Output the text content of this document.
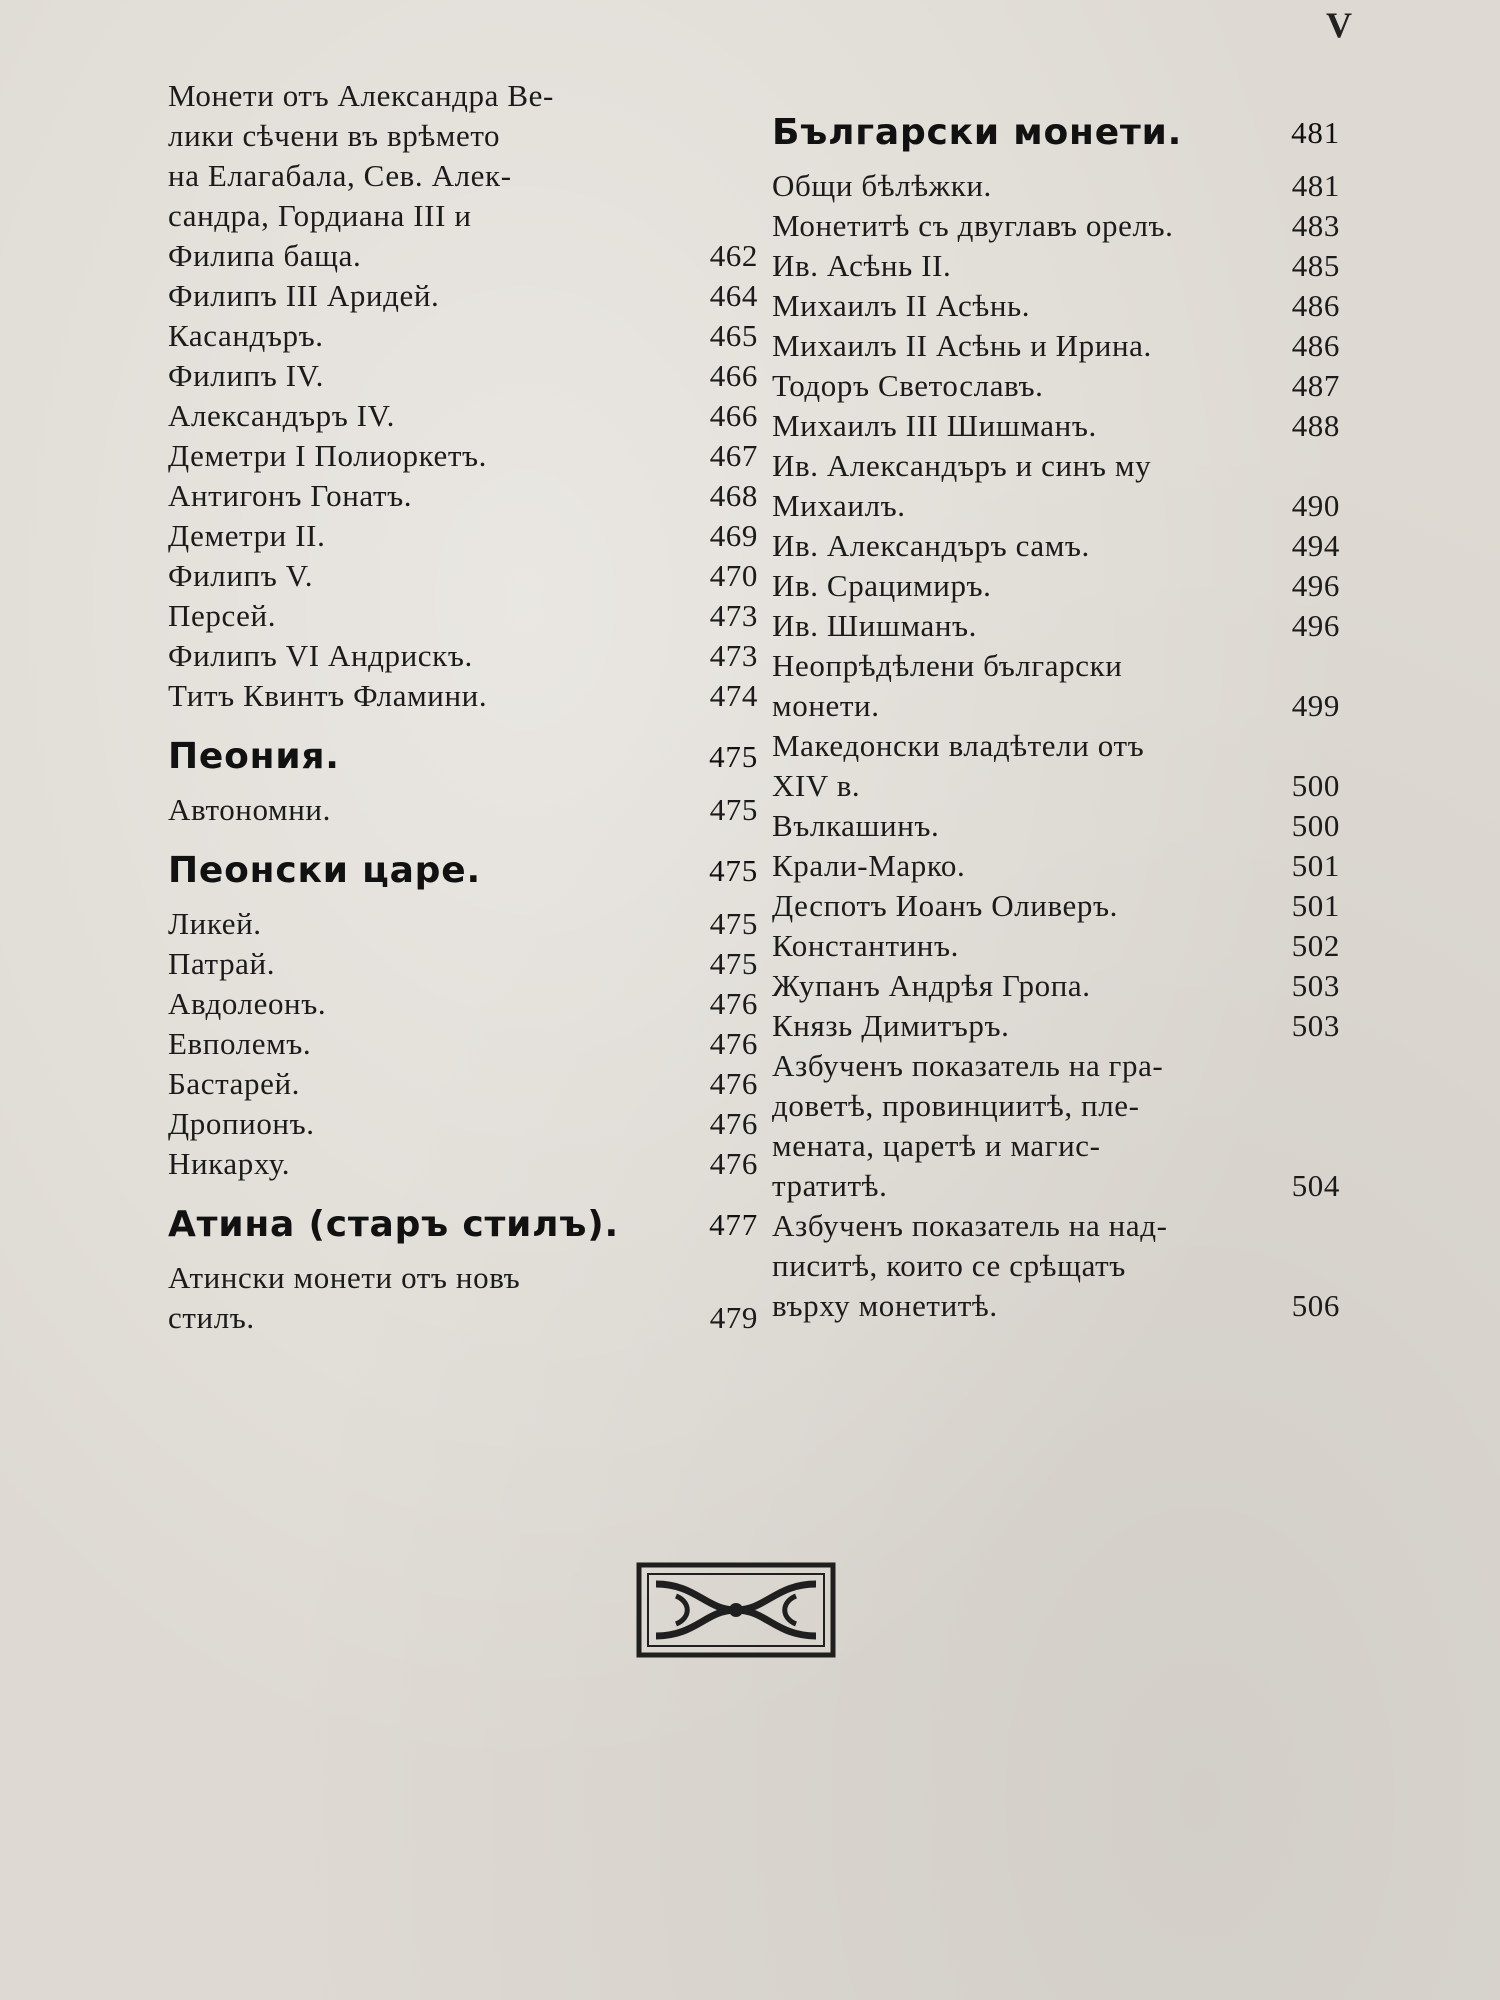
V
Монети отъ Александра Ве-
лики сѣчени въ врѣмето
на Елагабала, Сев. Алек-
сандра, Гордиана III и
Филипа баща.	462
Филипъ III Аридей.	464
Касандъръ.	465
Филипъ IV.	466
Александъръ IV.	466
Деметри I Полиоркетъ.	467
Антигонъ Гонатъ.	468
Деметри II.	469
Филипъ V.	470
Персей.	473
Филипъ VI Андрискъ.	473
Титъ Квинтъ Фламини.	474
Пеония.	475
Автономни.	475
Пеонски царе.	475
Ликей.	475
Патрай.	475
Авдолеонъ.	476
Евполемъ.	476
Бастарей.	476
Дропионъ.	476
Никарху.	476
Атина (старъ стилъ).	477
Атински монети отъ новъ
стилъ.	479
Български монети.	481
Общи бѣлѣжки.	481
Монетитѣ съ двуглавъ орелъ.	483
Ив. Асѣнь II.	485
Михаилъ II Асѣнь.	486
Михаилъ II Асѣнь и Ирина.	486
Тодоръ Светославъ.	487
Михаилъ III Шишманъ.	488
Ив. Александъръ и синъ му
Михаилъ.	490
Ив. Александъръ самъ.	494
Ив. Срацимиръ.	496
Ив. Шишманъ.	496
Неопрѣдѣлени български
монети.	499
Македонски владѣтели отъ
XIV в.	500
Вълкашинъ.	500
Крали-Марко.	501
Деспотъ Иоанъ Оливеръ.	501
Константинъ.	502
Жупанъ Андрѣя Гропа.	503
Князь Димитъръ.	503
Азбученъ показатель на гра-
доветѣ, провинциитѣ, пле-
мената, царетѣ и магис-
тратитѣ.	504
Азбученъ показатель на над-
писитѣ, които се срѣщатъ
върху монетитѣ.	506
